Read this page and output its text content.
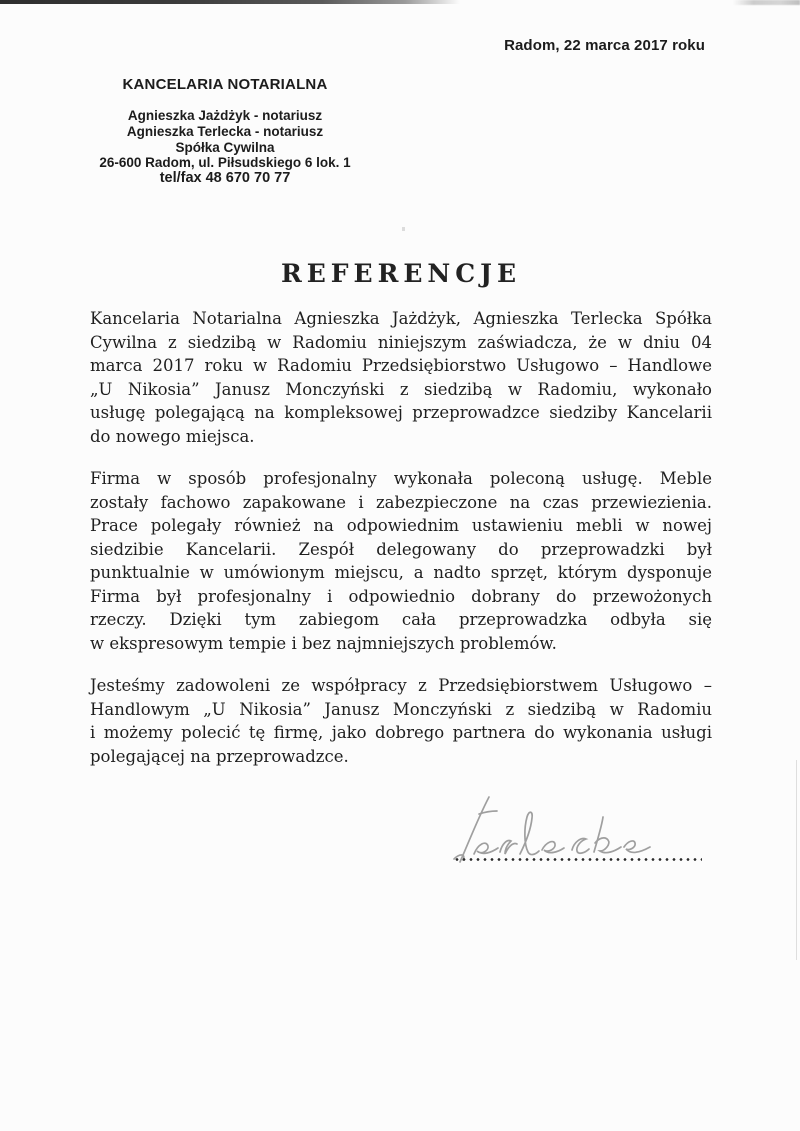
Radom, 22 marca 2017 roku
KANCELARIA NOTARIALNA
Agnieszka Jażdżyk - notariusz
Agnieszka Terlecka - notariusz
Spółka Cywilna
26-600 Radom, ul. Piłsudskiego 6 lok. 1
tel/fax 48 670 70 77
REFERENCJE
Kancelaria Notarialna Agnieszka Jażdżyk, Agnieszka Terlecka Spółka
Cywilna z siedzibą w Radomiu niniejszym zaświadcza, że w dniu 04
marca 2017 roku w Radomiu Przedsiębiorstwo Usługowo – Handlowe
„U Nikosia” Janusz Monczyński z siedzibą w Radomiu, wykonało
usługę polegającą na kompleksowej przeprowadzce siedziby Kancelarii
do nowego miejsca.
Firma w sposób profesjonalny wykonała poleconą usługę. Meble
zostały fachowo zapakowane i zabezpieczone na czas przewiezienia.
Prace polegały również na odpowiednim ustawieniu mebli w nowej
siedzibie Kancelarii. Zespół delegowany do przeprowadzki był
punktualnie w umówionym miejscu, a nadto sprzęt, którym dysponuje
Firma był profesjonalny i odpowiednio dobrany do przewożonych
rzeczy. Dzięki tym zabiegom cała przeprowadzka odbyła się
w ekspresowym tempie i bez najmniejszych problemów.
Jesteśmy zadowoleni ze współpracy z Przedsiębiorstwem Usługowo –
Handlowym „U Nikosia” Janusz Monczyński z siedzibą w Radomiu
i możemy polecić tę firmę, jako dobrego partnera do wykonania usługi
polegającej na przeprowadzce.
